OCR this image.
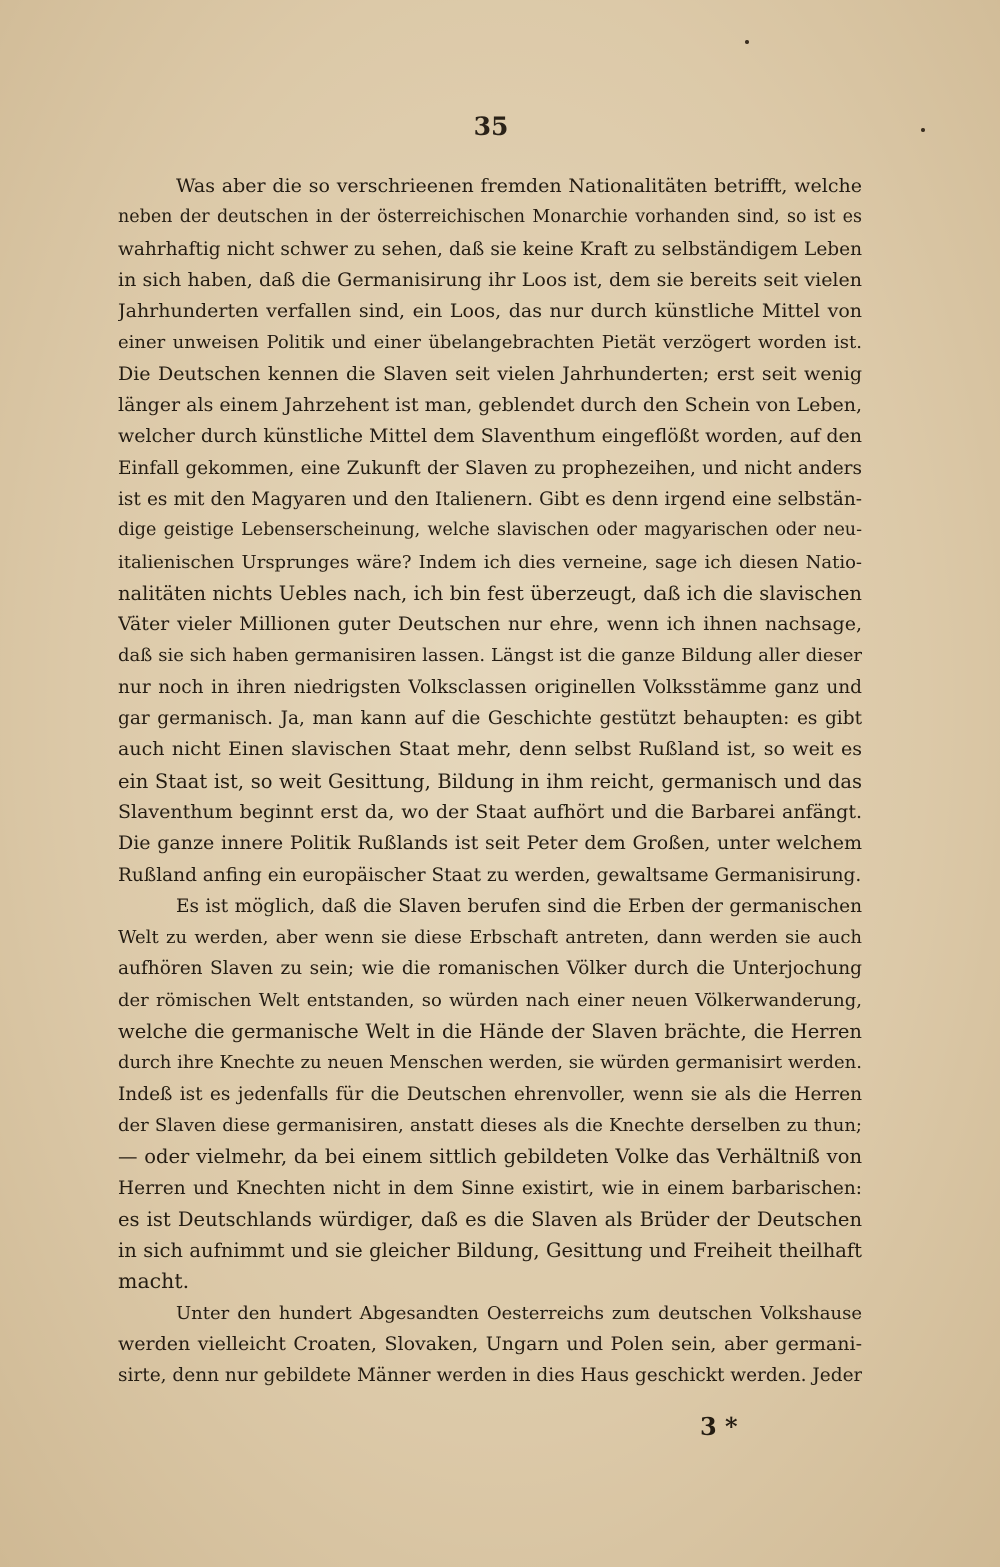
35
Was aber die so verschrieenen fremden Nationalitäten betrifft, welche
neben der deutschen in der österreichischen Monarchie vorhanden sind, so ist es
wahrhaftig nicht schwer zu sehen, daß sie keine Kraft zu selbständigem Leben
in sich haben, daß die Germanisirung ihr Loos ist, dem sie bereits seit vielen
Jahrhunderten verfallen sind, ein Loos, das nur durch künstliche Mittel von
einer unweisen Politik und einer übelangebrachten Pietät verzögert worden ist.
Die Deutschen kennen die Slaven seit vielen Jahrhunderten; erst seit wenig
länger als einem Jahrzehent ist man, geblendet durch den Schein von Leben,
welcher durch künstliche Mittel dem Slaventhum eingeflößt worden, auf den
Einfall gekommen, eine Zukunft der Slaven zu prophezeihen, und nicht anders
ist es mit den Magyaren und den Italienern. Gibt es denn irgend eine selbstän-
dige geistige Lebenserscheinung, welche slavischen oder magyarischen oder neu-
italienischen Ursprunges wäre? Indem ich dies verneine, sage ich diesen Natio-
nalitäten nichts Uebles nach, ich bin fest überzeugt, daß ich die slavischen
Väter vieler Millionen guter Deutschen nur ehre, wenn ich ihnen nachsage,
daß sie sich haben germanisiren lassen. Längst ist die ganze Bildung aller dieser
nur noch in ihren niedrigsten Volksclassen originellen Volksstämme ganz und
gar germanisch. Ja, man kann auf die Geschichte gestützt behaupten: es gibt
auch nicht Einen slavischen Staat mehr, denn selbst Rußland ist, so weit es
ein Staat ist, so weit Gesittung, Bildung in ihm reicht, germanisch und das
Slaventhum beginnt erst da, wo der Staat aufhört und die Barbarei anfängt.
Die ganze innere Politik Rußlands ist seit Peter dem Großen, unter welchem
Rußland anfing ein europäischer Staat zu werden, gewaltsame Germanisirung.
Es ist möglich, daß die Slaven berufen sind die Erben der germanischen
Welt zu werden, aber wenn sie diese Erbschaft antreten, dann werden sie auch
aufhören Slaven zu sein; wie die romanischen Völker durch die Unterjochung
der römischen Welt entstanden, so würden nach einer neuen Völkerwanderung,
welche die germanische Welt in die Hände der Slaven brächte, die Herren
durch ihre Knechte zu neuen Menschen werden, sie würden germanisirt werden.
Indeß ist es jedenfalls für die Deutschen ehrenvoller, wenn sie als die Herren
der Slaven diese germanisiren, anstatt dieses als die Knechte derselben zu thun;
— oder vielmehr, da bei einem sittlich gebildeten Volke das Verhältniß von
Herren und Knechten nicht in dem Sinne existirt, wie in einem barbarischen:
es ist Deutschlands würdiger, daß es die Slaven als Brüder der Deutschen
in sich aufnimmt und sie gleicher Bildung, Gesittung und Freiheit theilhaft
macht.
Unter den hundert Abgesandten Oesterreichs zum deutschen Volkshause
werden vielleicht Croaten, Slovaken, Ungarn und Polen sein, aber germani-
sirte, denn nur gebildete Männer werden in dies Haus geschickt werden. Jeder
3 *
